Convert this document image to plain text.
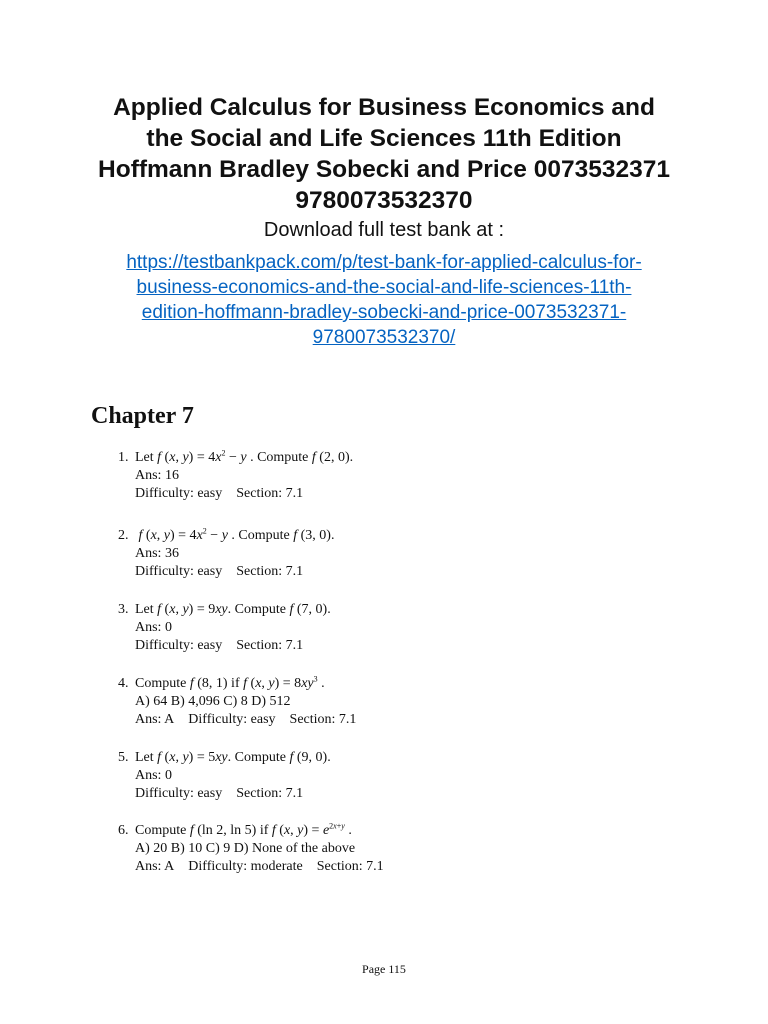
Applied Calculus for Business Economics and
the Social and Life Sciences 11th Edition
Hoffmann Bradley Sobecki and Price 0073532371
9780073532370
Download full test bank at :
https://testbankpack.com/p/test-bank-for-applied-calculus-for-
business-economics-and-the-social-and-life-sciences-11th-
edition-hoffmann-bradley-sobecki-and-price-0073532371-
9780073532370/
Chapter 7
1. Let f (x, $y) = 4x^2 - y$ . Compute f (2, 0).
Ans: 16
Difficulty: easy Section: 7.1
2. f (x, $y) = 4x^2 - y$ . Compute f (3, 0).
Ans: 36
Difficulty: easy Section: 7.1
3. Let f (x, y) = 9xy. Compute f (7, 0).
Ans: 0
Difficulty: easy Section: 7.1
4. Compute f (8, 1) if f (x, $y) = 8xy^3$ .
A) 64 B) 4,096 C) 8 D) 512
Ans: A Difficulty: easy Section: 7.1
5. Let f (x, y) = 5xy. Compute f (9, 0).
Ans: 0
Difficulty: easy Section: 7.1
6. Compute f (ln 2, ln 5) if f (x, $y) = e^{2x+y}$ .
A) 20 B) 10 C) 9 D) None of the above
Ans: A Difficulty: moderate Section: 7.1
Page 115
